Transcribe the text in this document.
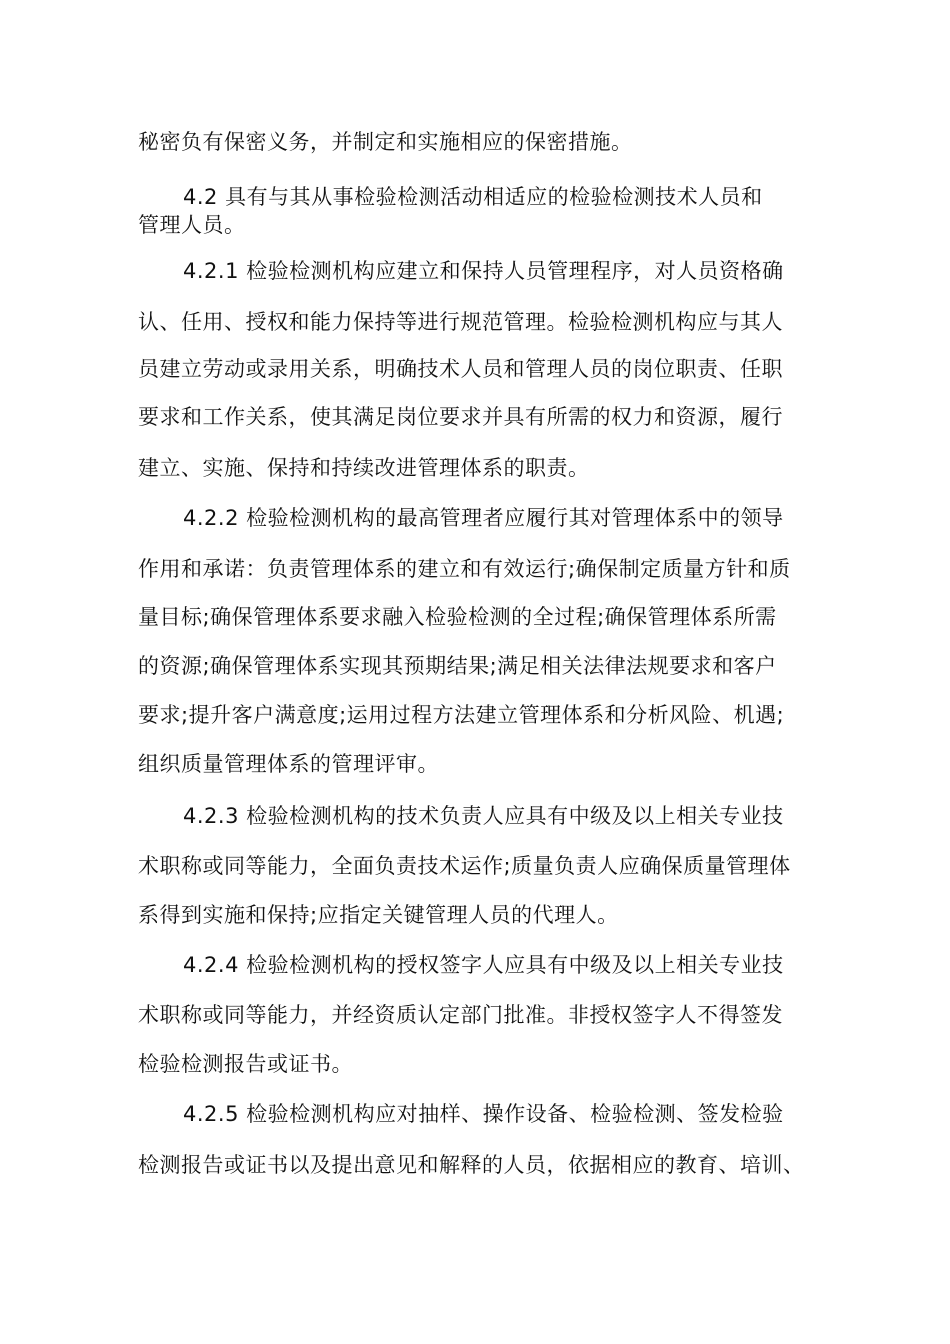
秘密负有保密义务，并制定和实施相应的保密措施。
4.2 具有与其从事检验检测活动相适应的检验检测技术人员和
管理人员。
4.2.1 检验检测机构应建立和保持人员管理程序，对人员资格确
认、任用、授权和能力保持等进行规范管理。检验检测机构应与其人
员建立劳动或录用关系，明确技术人员和管理人员的岗位职责、任职
要求和工作关系，使其满足岗位要求并具有所需的权力和资源，履行
建立、实施、保持和持续改进管理体系的职责。
4.2.2 检验检测机构的最高管理者应履行其对管理体系中的领导
作用和承诺：负责管理体系的建立和有效运行;确保制定质量方针和质
量目标;确保管理体系要求融入检验检测的全过程;确保管理体系所需
的资源;确保管理体系实现其预期结果;满足相关法律法规要求和客户
要求;提升客户满意度;运用过程方法建立管理体系和分析风险、机遇;
组织质量管理体系的管理评审。
4.2.3 检验检测机构的技术负责人应具有中级及以上相关专业技
术职称或同等能力，全面负责技术运作;质量负责人应确保质量管理体
系得到实施和保持;应指定关键管理人员的代理人。
4.2.4 检验检测机构的授权签字人应具有中级及以上相关专业技
术职称或同等能力，并经资质认定部门批准。非授权签字人不得签发
检验检测报告或证书。
4.2.5 检验检测机构应对抽样、操作设备、检验检测、签发检验
检测报告或证书以及提出意见和解释的人员，依据相应的教育、培训、
